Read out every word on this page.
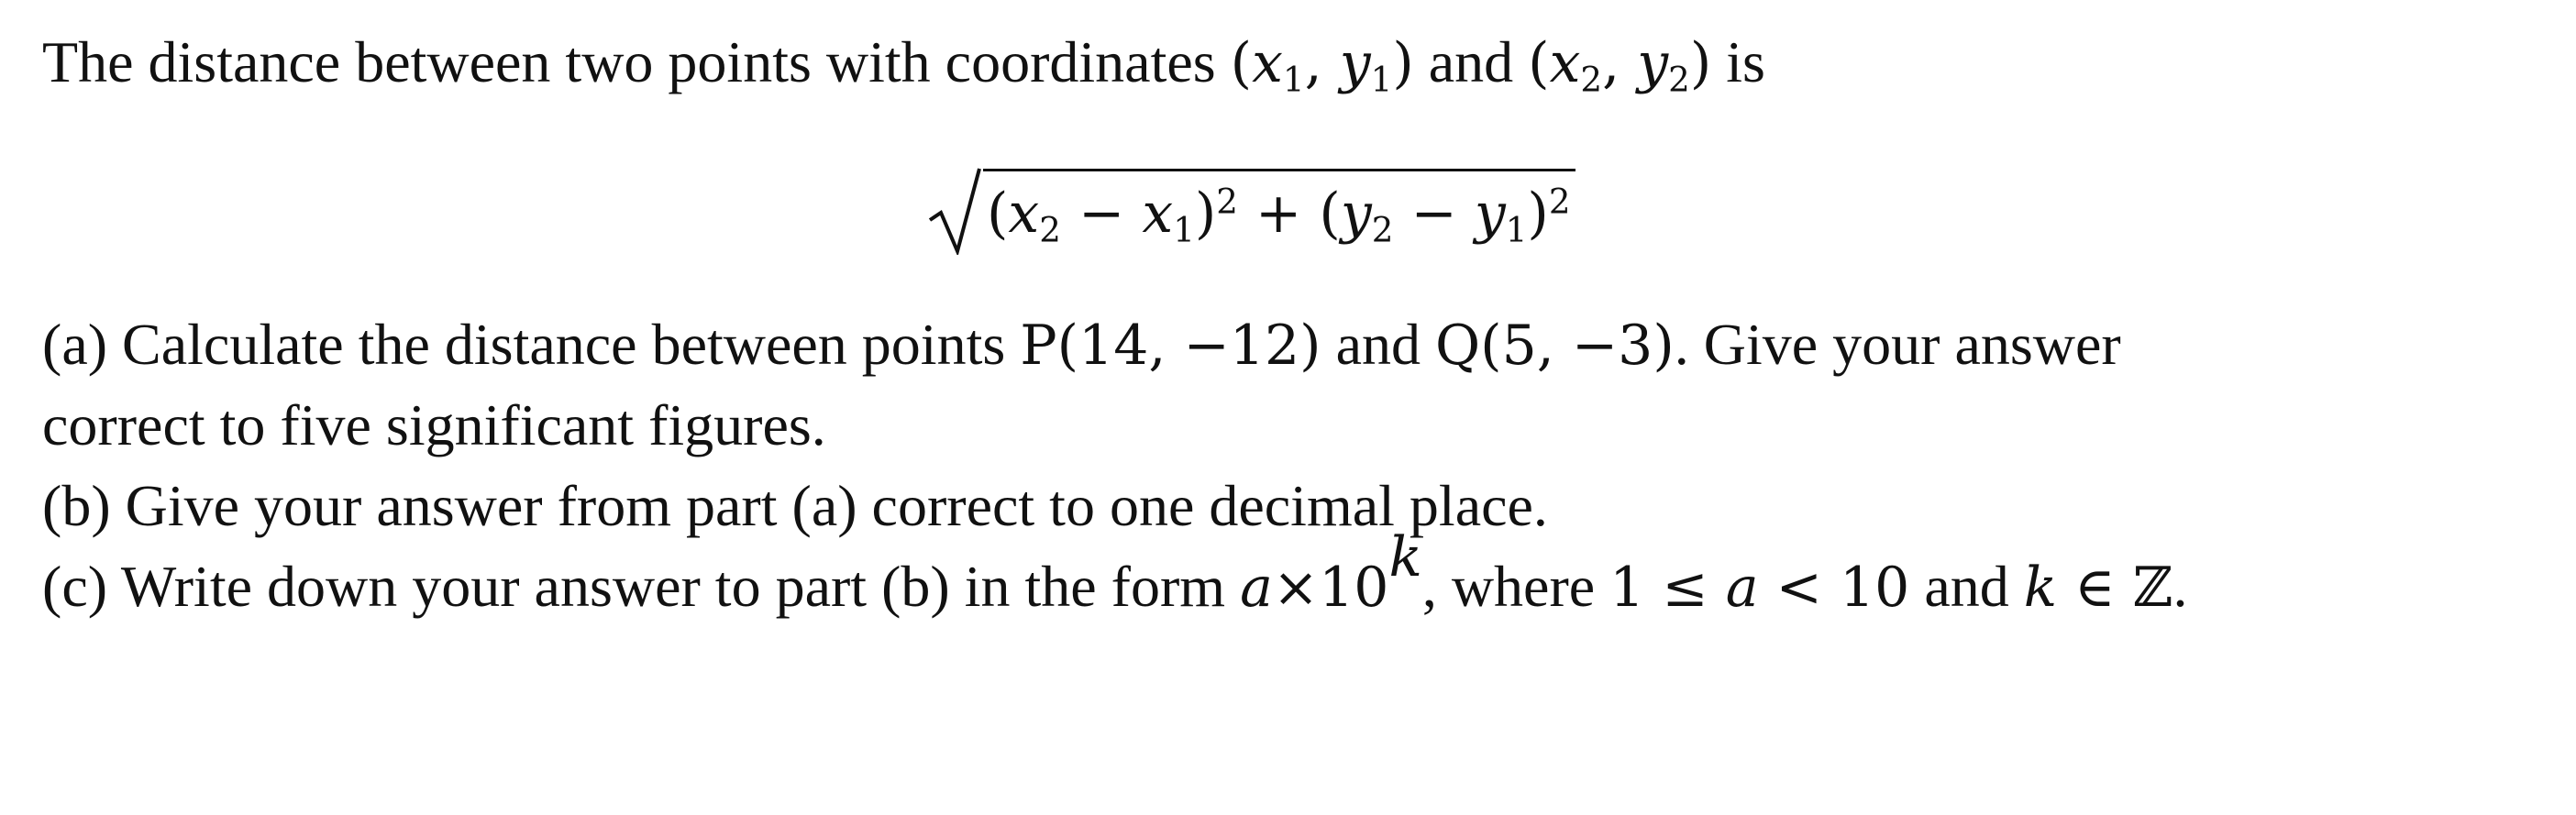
The distance between two points with coordinates ($x_1$, $y_1$) and ($x_2$, $y_2$) is
$(x_2 - x_1)^2 + (y_2 - y_1)^2$
(a) Calculate the distance between points P(14, −12) and Q(5, −3). Give your answer
correct to five significant figures.
(b) Give your answer from part (a) correct to one decimal place.
(c) Write down your answer to part (b) in the form $a\times 10^k$, where 1 ≤ a < 10 and k ∈ ℤ.
